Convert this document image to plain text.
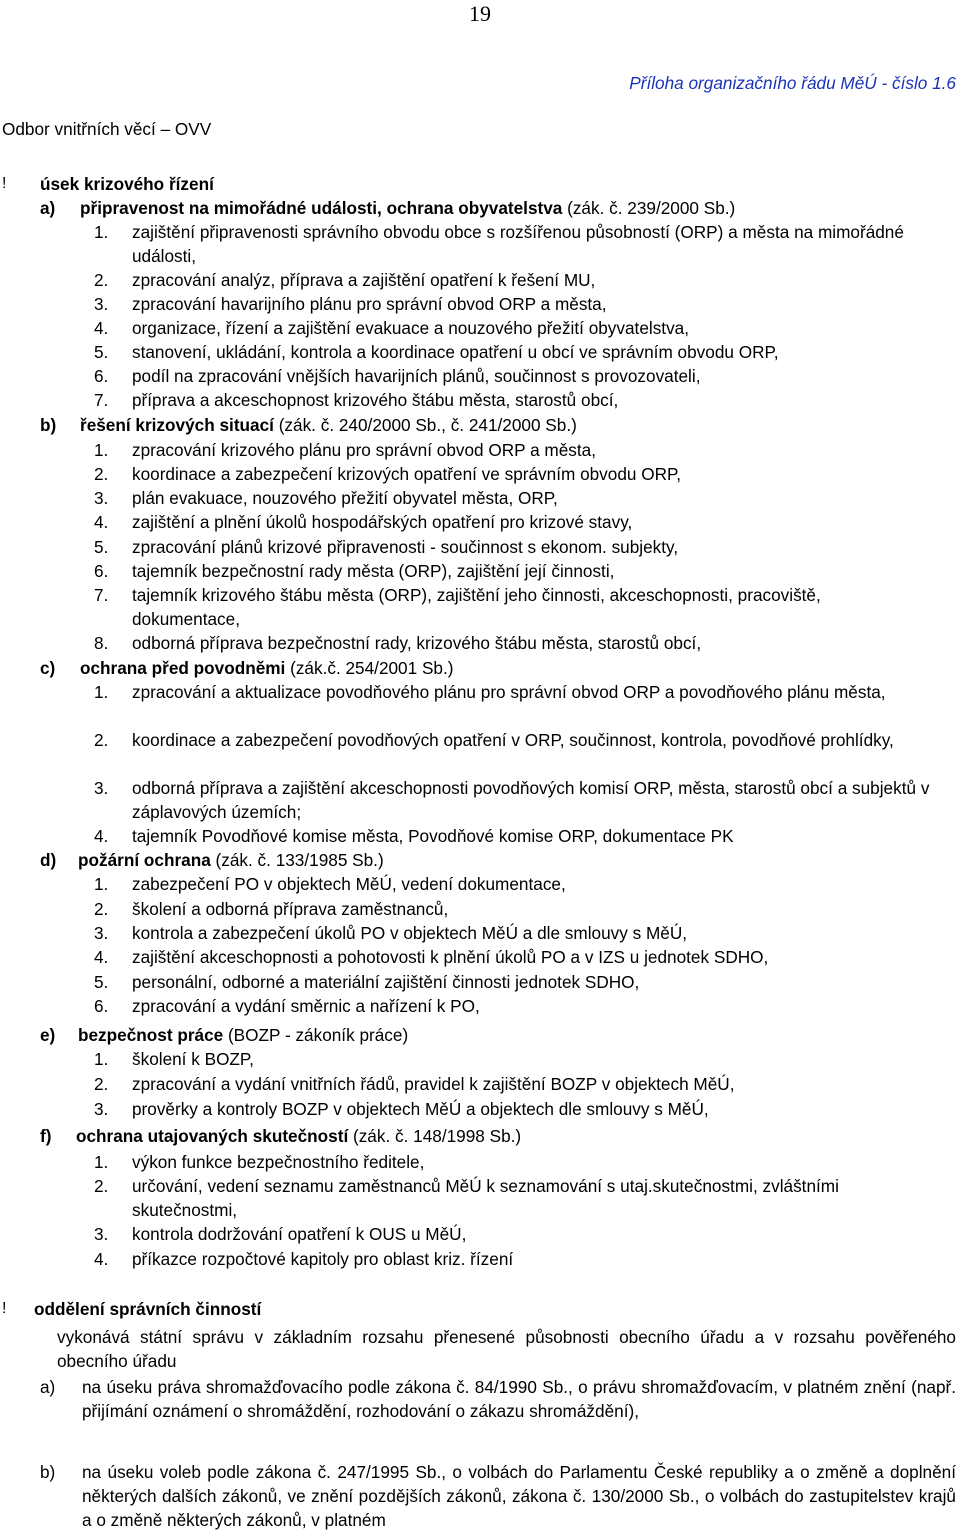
19
Příloha organizačního řádu MěÚ - číslo 1.6
Odbor vnitřních věcí – OVV
! úsek krizového řízení
a) připravenost na mimořádné události, ochrana obyvatelstva (zák. č. 239/2000 Sb.)
1. zajištění připravenosti správního obvodu obce s rozšířenou působností (ORP) a města na mimořádné události,
2. zpracování analýz, příprava a zajištění opatření k řešení MU,
3. zpracování havarijního plánu pro správní obvod ORP a města,
4. organizace, řízení a zajištění evakuace a nouzového přežití obyvatelstva,
5. stanovení, ukládání, kontrola a koordinace opatření u obcí ve správním obvodu ORP,
6. podíl na zpracování vnějších havarijních plánů, součinnost s provozovateli,
7. příprava a akceschopnost krizového štábu města, starostů obcí,
b) řešení krizových situací (zák. č. 240/2000 Sb., č. 241/2000 Sb.)
1. zpracování krizového plánu pro správní obvod ORP a města,
2. koordinace a zabezpečení krizových opatření ve správním obvodu ORP,
3. plán evakuace, nouzového přežití obyvatel města, ORP,
4. zajištění a plnění úkolů hospodářských opatření pro krizové stavy,
5. zpracování plánů krizové připravenosti - součinnost s ekonom. subjekty,
6. tajemník bezpečnostní rady města (ORP), zajištění její činnosti,
7. tajemník krizového štábu města (ORP), zajištění jeho činnosti, akceschopnosti, pracoviště, dokumentace,
8. odborná příprava bezpečnostní rady, krizového štábu města, starostů obcí,
c) ochrana před povodněmi (zák.č. 254/2001 Sb.)
1. zpracování a aktualizace povodňového plánu pro správní obvod ORP a povodňového plánu města,
2. koordinace a zabezpečení povodňových opatření v ORP, součinnost, kontrola, povodňové prohlídky,
3. odborná příprava a zajištění akceschopnosti povodňových komisí ORP, města, starostů obcí a subjektů v záplavových územích;
4. tajemník Povodňové komise města, Povodňové komise ORP, dokumentace PK
d) požární ochrana (zák. č. 133/1985 Sb.)
1. zabezpečení PO v objektech MěÚ, vedení dokumentace,
2. školení a odborná příprava zaměstnanců,
3. kontrola a zabezpečení úkolů PO v objektech MěÚ a dle smlouvy s MěÚ,
4. zajištění akceschopnosti a pohotovosti k plnění úkolů PO a v IZS u jednotek SDHO,
5. personální, odborné a materiální zajištění činnosti jednotek SDHO,
6. zpracování a vydání směrnic a nařízení k PO,
e) bezpečnost práce (BOZP - zákoník práce)
1. školení k BOZP,
2. zpracování a vydání vnitřních řádů, pravidel k zajištění BOZP v objektech MěÚ,
3. prověrky a kontroly BOZP v objektech MěÚ a objektech dle smlouvy s MěÚ,
f) ochrana utajovaných skutečností (zák. č. 148/1998 Sb.)
1. výkon funkce bezpečnostního ředitele,
2. určování, vedení seznamu zaměstnanců MěÚ k seznamování s utaj.skutečnostmi, zvláštními skutečnostmi,
3. kontrola dodržování opatření k OUS u MěÚ,
4. příkazce rozpočtové kapitoly pro oblast kriz. řízení
! oddělení správních činností
vykonává státní správu v základním rozsahu přenesené působnosti obecního úřadu a v rozsahu pověřeného obecního úřadu
a) na úseku práva shromažďovacího podle zákona č. 84/1990 Sb., o právu shromažďovacím, v platném znění (např. přijímání oznámení o shromáždění, rozhodování o zákazu shromáždění),
b) na úseku voleb podle zákona č. 247/1995 Sb., o volbách do Parlamentu České republiky a o změně a doplnění některých dalších zákonů, ve znění pozdějších zákonů, zákona č. 130/2000 Sb., o volbách do zastupitelstev krajů a o změně některých zákonů, v platném
